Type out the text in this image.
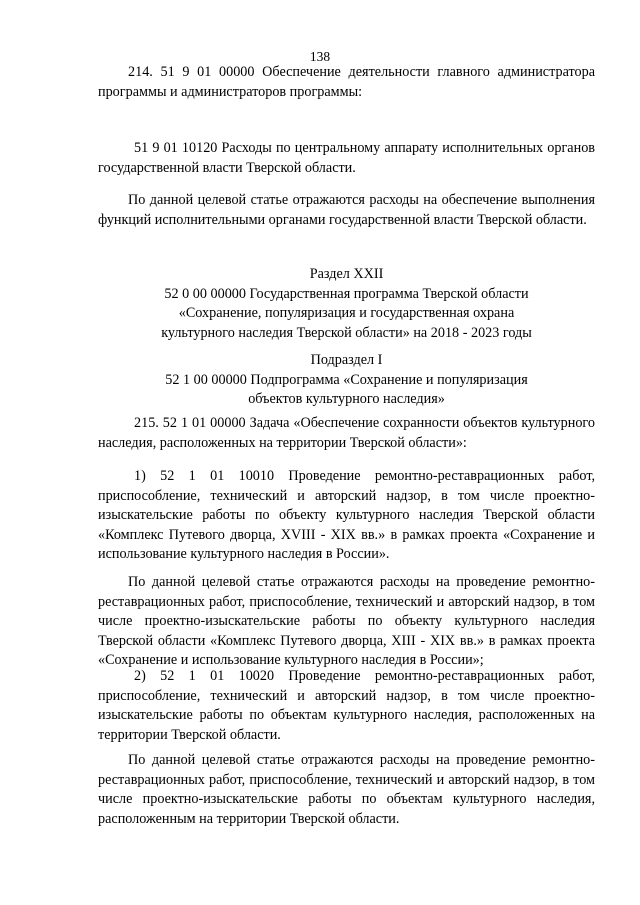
138

214. 51 9 01 00000 Обеспечение деятельности главного администратора программы и администраторов программы:

51 9 01 10120 Расходы по центральному аппарату исполнительных органов государственной власти Тверской области.

По данной целевой статье отражаются расходы на обеспечение выполнения функций исполнительными органами государственной власти Тверской области.

Раздел XXII
52 0 00 00000 Государственная программа Тверской области
«Сохранение, популяризация и государственная охрана
культурного наследия Тверской области» на 2018 - 2023 годы
Подраздел I
52 1 00 00000 Подпрограмма «Сохранение и популяризация
объектов культурного наследия»

215. 52 1 01 00000 Задача «Обеспечение сохранности объектов культурного наследия, расположенных на территории Тверской области»:

1) 52 1 01 10010 Проведение ремонтно-реставрационных работ, приспособление, технический и авторский надзор, в том числе проектно-изыскательские работы по объекту культурного наследия Тверской области «Комплекс Путевого дворца, XVIII - XIX вв.» в рамках проекта «Сохранение и использование культурного наследия в России».

По данной целевой статье отражаются расходы на проведение ремонтно-реставрационных работ, приспособление, технический и авторский надзор, в том числе проектно-изыскательские работы по объекту культурного наследия Тверской области «Комплекс Путевого дворца, XIII - XIX вв.» в рамках проекта «Сохранение и использование культурного наследия в России»;

2) 52 1 01 10020 Проведение ремонтно-реставрационных работ, приспособление, технический и авторский надзор, в том числе проектно-изыскательские работы по объектам культурного наследия, расположенных на территории Тверской области.

По данной целевой статье отражаются расходы на проведение ремонтно-реставрационных работ, приспособление, технический и авторский надзор, в том числе проектно-изыскательские работы по объектам культурного наследия, расположенным на территории Тверской области.
